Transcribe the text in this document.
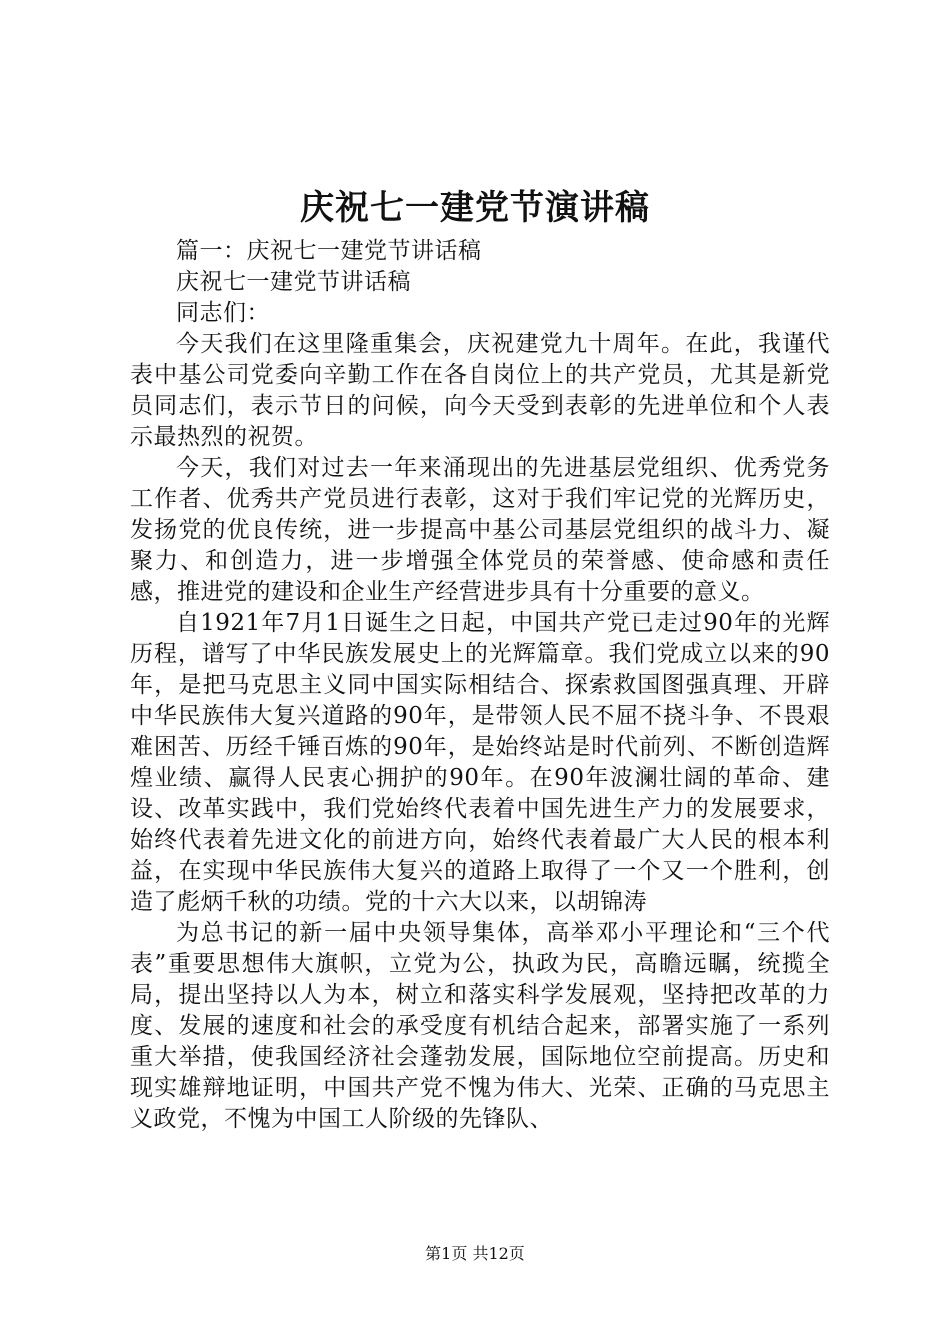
庆祝七一建党节演讲稿

篇一：庆祝七一建党节讲话稿

庆祝七一建党节讲话稿

同志们：

今天我们在这里隆重集会，庆祝建党九十周年。在此，我谨代表中基公司党委向辛勤工作在各自岗位上的共产党员，尤其是新党员同志们，表示节日的问候，向今天受到表彰的先进单位和个人表示最热烈的祝贺。

今天，我们对过去一年来涌现出的先进基层党组织、优秀党务工作者、优秀共产党员进行表彰，这对于我们牢记党的光辉历史，发扬党的优良传统，进一步提高中基公司基层党组织的战斗力、凝聚力、和创造力，进一步增强全体党员的荣誉感、使命感和责任感，推进党的建设和企业生产经营进步具有十分重要的意义。

自1921年7月1日诞生之日起，中国共产党已走过90年的光辉历程，谱写了中华民族发展史上的光辉篇章。我们党成立以来的90年，是把马克思主义同中国实际相结合、探索救国图强真理、开辟中华民族伟大复兴道路的90年，是带领人民不屈不挠斗争、不畏艰难困苦、历经千锤百炼的90年，是始终站是时代前列、不断创造辉煌业绩、赢得人民衷心拥护的90年。在90年波澜壮阔的革命、建设、改革实践中，我们党始终代表着中国先进生产力的发展要求，始终代表着先进文化的前进方向，始终代表着最广大人民的根本利益，在实现中华民族伟大复兴的道路上取得了一个又一个胜利，创造了彪炳千秋的功绩。党的十六大以来，以胡锦涛

为总书记的新一届中央领导集体，高举邓小平理论和“三个代表”重要思想伟大旗帜，立党为公，执政为民，高瞻远瞩，统揽全局，提出坚持以人为本，树立和落实科学发展观，坚持把改革的力度、发展的速度和社会的承受度有机结合起来，部署实施了一系列重大举措，使我国经济社会蓬勃发展，国际地位空前提高。历史和现实雄辩地证明，中国共产党不愧为伟大、光荣、正确的马克思主义政党，不愧为中国工人阶级的先锋队、

第1页 共12页
